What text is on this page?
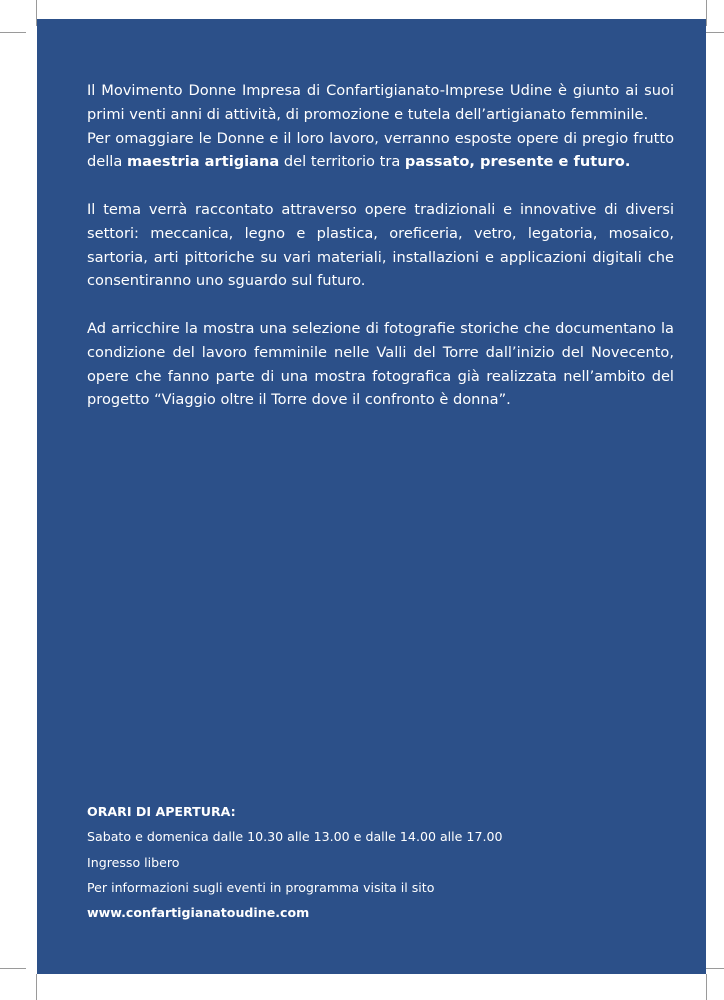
Il Movimento Donne Impresa di Confartigianato-Imprese Udine è giunto ai suoi primi venti anni di attività, di promozione e tutela dell’artigianato femminile.

Per omaggiare le Donne e il loro lavoro, verranno esposte opere di pregio frutto della maestria artigiana del territorio tra passato, presente e futuro.

Il tema verrà raccontato attraverso opere tradizionali e innovative di diversi settori: meccanica, legno e plastica, oreficeria, vetro, legatoria, mosaico, sartoria, arti pittoriche su vari materiali, installazioni e applicazioni digitali che consentiranno uno sguardo sul futuro.

Ad arricchire la mostra una selezione di fotografie storiche che documentano la condizione del lavoro femminile nelle Valli del Torre dall’inizio del Novecento, opere che fanno parte di una mostra fotografica già realizzata nell’ambito del progetto “Viaggio oltre il Torre dove il confronto è donna”.

ORARI DI APERTURA:
Sabato e domenica dalle 10.30 alle 13.00 e dalle 14.00 alle 17.00
Ingresso libero
Per informazioni sugli eventi in programma visita il sito
www.confartigianatoudine.com
